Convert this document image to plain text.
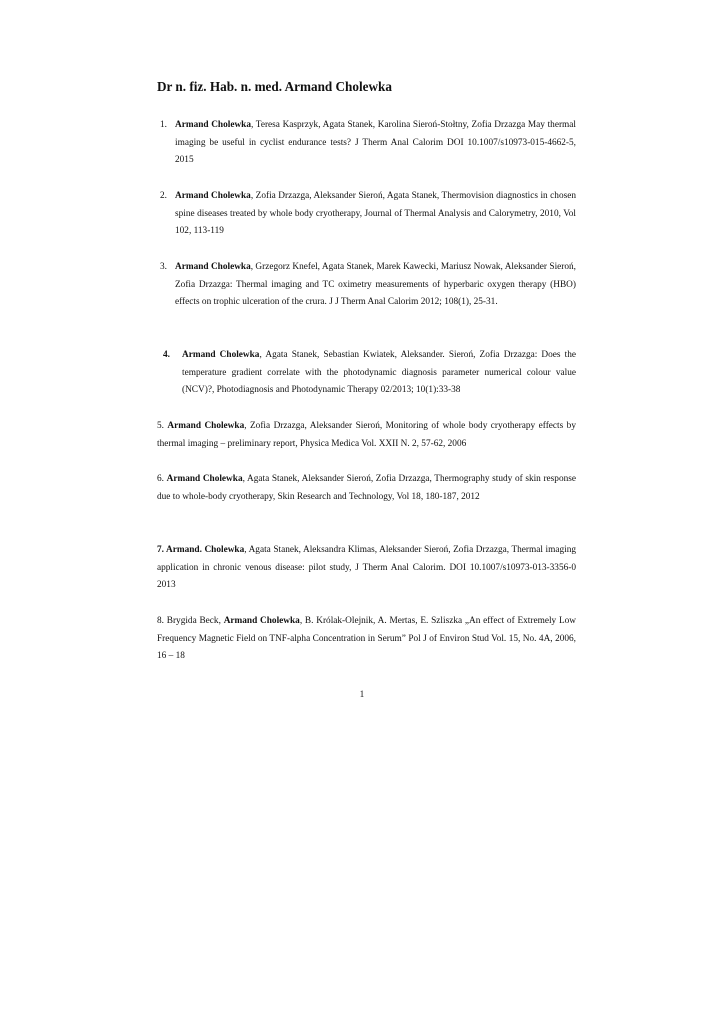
Dr n. fiz. Hab. n. med. Armand Cholewka
1. Armand Cholewka, Teresa Kasprzyk, Agata Stanek, Karolina Sieroń-Stołtny, Zofia Drzazga May thermal imaging be useful in cyclist endurance tests? J Therm Anal Calorim DOI 10.1007/s10973-015-4662-5, 2015
2. Armand Cholewka, Zofia Drzazga, Aleksander Sieroń, Agata Stanek, Thermovision diagnostics in chosen spine diseases treated by whole body cryotherapy, Journal of Thermal Analysis and Calorymetry, 2010, Vol 102, 113-119
3. Armand Cholewka, Grzegorz Knefel, Agata Stanek, Marek Kawecki, Mariusz Nowak, Aleksander Sieroń, Zofia Drzazga: Thermal imaging and TC oximetry measurements of hyperbaric oxygen therapy (HBO) effects on trophic ulceration of the crura. J J Therm Anal Calorim 2012; 108(1), 25-31.
4. Armand Cholewka, Agata Stanek, Sebastian Kwiatek, Aleksander. Sieroń, Zofia Drzazga: Does the temperature gradient correlate with the photodynamic diagnosis parameter numerical colour value (NCV)?, Photodiagnosis and Photodynamic Therapy 02/2013; 10(1):33-38
5. Armand Cholewka, Zofia Drzazga, Aleksander Sieroń, Monitoring of whole body cryotherapy effects by thermal imaging – preliminary report, Physica Medica Vol. XXII N. 2, 57-62, 2006
6. Armand Cholewka, Agata Stanek, Aleksander Sieroń, Zofia Drzazga, Thermography study of skin response due to whole-body cryotherapy, Skin Research and Technology, Vol 18, 180-187, 2012
7. Armand. Cholewka, Agata Stanek, Aleksandra Klimas, Aleksander Sieroń, Zofia Drzazga, Thermal imaging application in chronic venous disease: pilot study, J Therm Anal Calorim. DOI 10.1007/s10973-013-3356-0 2013
8. Brygida Beck, Armand Cholewka, B. Królak-Olejnik, A. Mertas, E. Szliszka „An effect of Extremely Low Frequency Magnetic Field on TNF-alpha Concentration in Serum” Pol J of Environ Stud Vol. 15, No. 4A, 2006, 16 – 18
1
